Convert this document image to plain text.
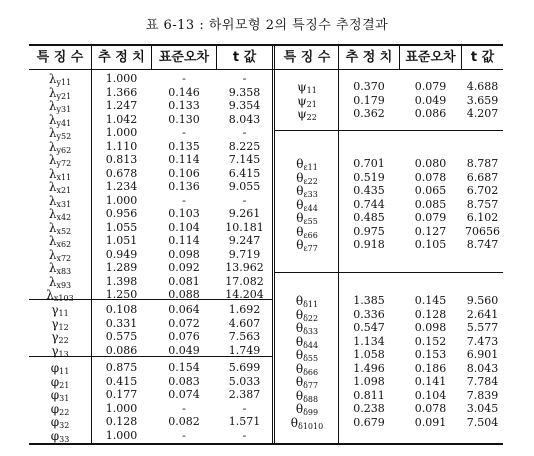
표 6-13 : 하위모형 2의 특징수 추정결과
특 징 수	추 정 치	표준오차	t 값	특 징 수	추 정 치	표준오차	t 값
$\lambda_{y11}$	1.000	-	-
$\lambda_{y21}$	1.366	0.146	9.358
$\lambda_{y31}$	1.247	0.133	9.354
$\lambda_{y41}$	1.042	0.130	8.043
$\lambda_{y52}$	1.000	-	-
$\lambda_{y62}$	1.110	0.135	8.225
$\lambda_{y72}$	0.813	0.114	7.145
$\lambda_{x11}$	0.678	0.106	6.415
$\lambda_{x21}$	1.234	0.136	9.055
$\lambda_{x31}$	1.000	-	-
$\lambda_{x42}$	0.956	0.103	9.261
$\lambda_{x52}$	1.055	0.104	10.181
$\lambda_{x62}$	1.051	0.114	9.247
$\lambda_{x72}$	0.949	0.098	9.719
$\lambda_{x83}$	1.289	0.092	13.962
$\lambda_{x93}$	1.398	0.081	17.082
$\lambda_{x103}$	1.250	0.088	14.204
$\gamma_{11}$	0.108	0.064	1.692
$\gamma_{12}$	0.331	0.072	4.607
$\gamma_{22}$	0.575	0.076	7.563
$\gamma_{13}$	0.086	0.049	1.749
$\varphi_{11}$	0.875	0.154	5.699
$\varphi_{21}$	0.415	0.083	5.033
$\varphi_{31}$	0.177	0.074	2.387
$\varphi_{22}$	1.000	-	-
$\varphi_{32}$	0.128	0.082	1.571
$\varphi_{33}$	1.000	-	-
$\psi_{11}$	0.370	0.079	4.688
$\psi_{21}$	0.179	0.049	3.659
$\psi_{22}$	0.362	0.086	4.207
$\theta_{\varepsilon 11}$	0.701	0.080	8.787
$\theta_{\varepsilon 22}$	0.519	0.078	6.687
$\theta_{\varepsilon 33}$	0.435	0.065	6.702
$\theta_{\varepsilon 44}$	0.744	0.085	8.757
$\theta_{\varepsilon 55}$	0.485	0.079	6.102
$\theta_{\varepsilon 66}$	0.975	0.127	70656
$\theta_{\varepsilon 77}$	0.918	0.105	8.747
$\theta_{\delta 11}$	1.385	0.145	9.560
$\theta_{\delta 22}$	0.336	0.128	2.641
$\theta_{\delta 33}$	0.547	0.098	5.577
$\theta_{\delta 44}$	1.134	0.152	7.473
$\theta_{\delta 55}$	1.058	0.153	6.901
$\theta_{\delta 66}$	1.496	0.186	8.043
$\theta_{\delta 77}$	1.098	0.141	7.784
$\theta_{\delta 88}$	0.811	0.104	7.839
$\theta_{\delta 99}$	0.238	0.078	3.045
$\theta_{\delta 1010}$	0.679	0.091	7.504
